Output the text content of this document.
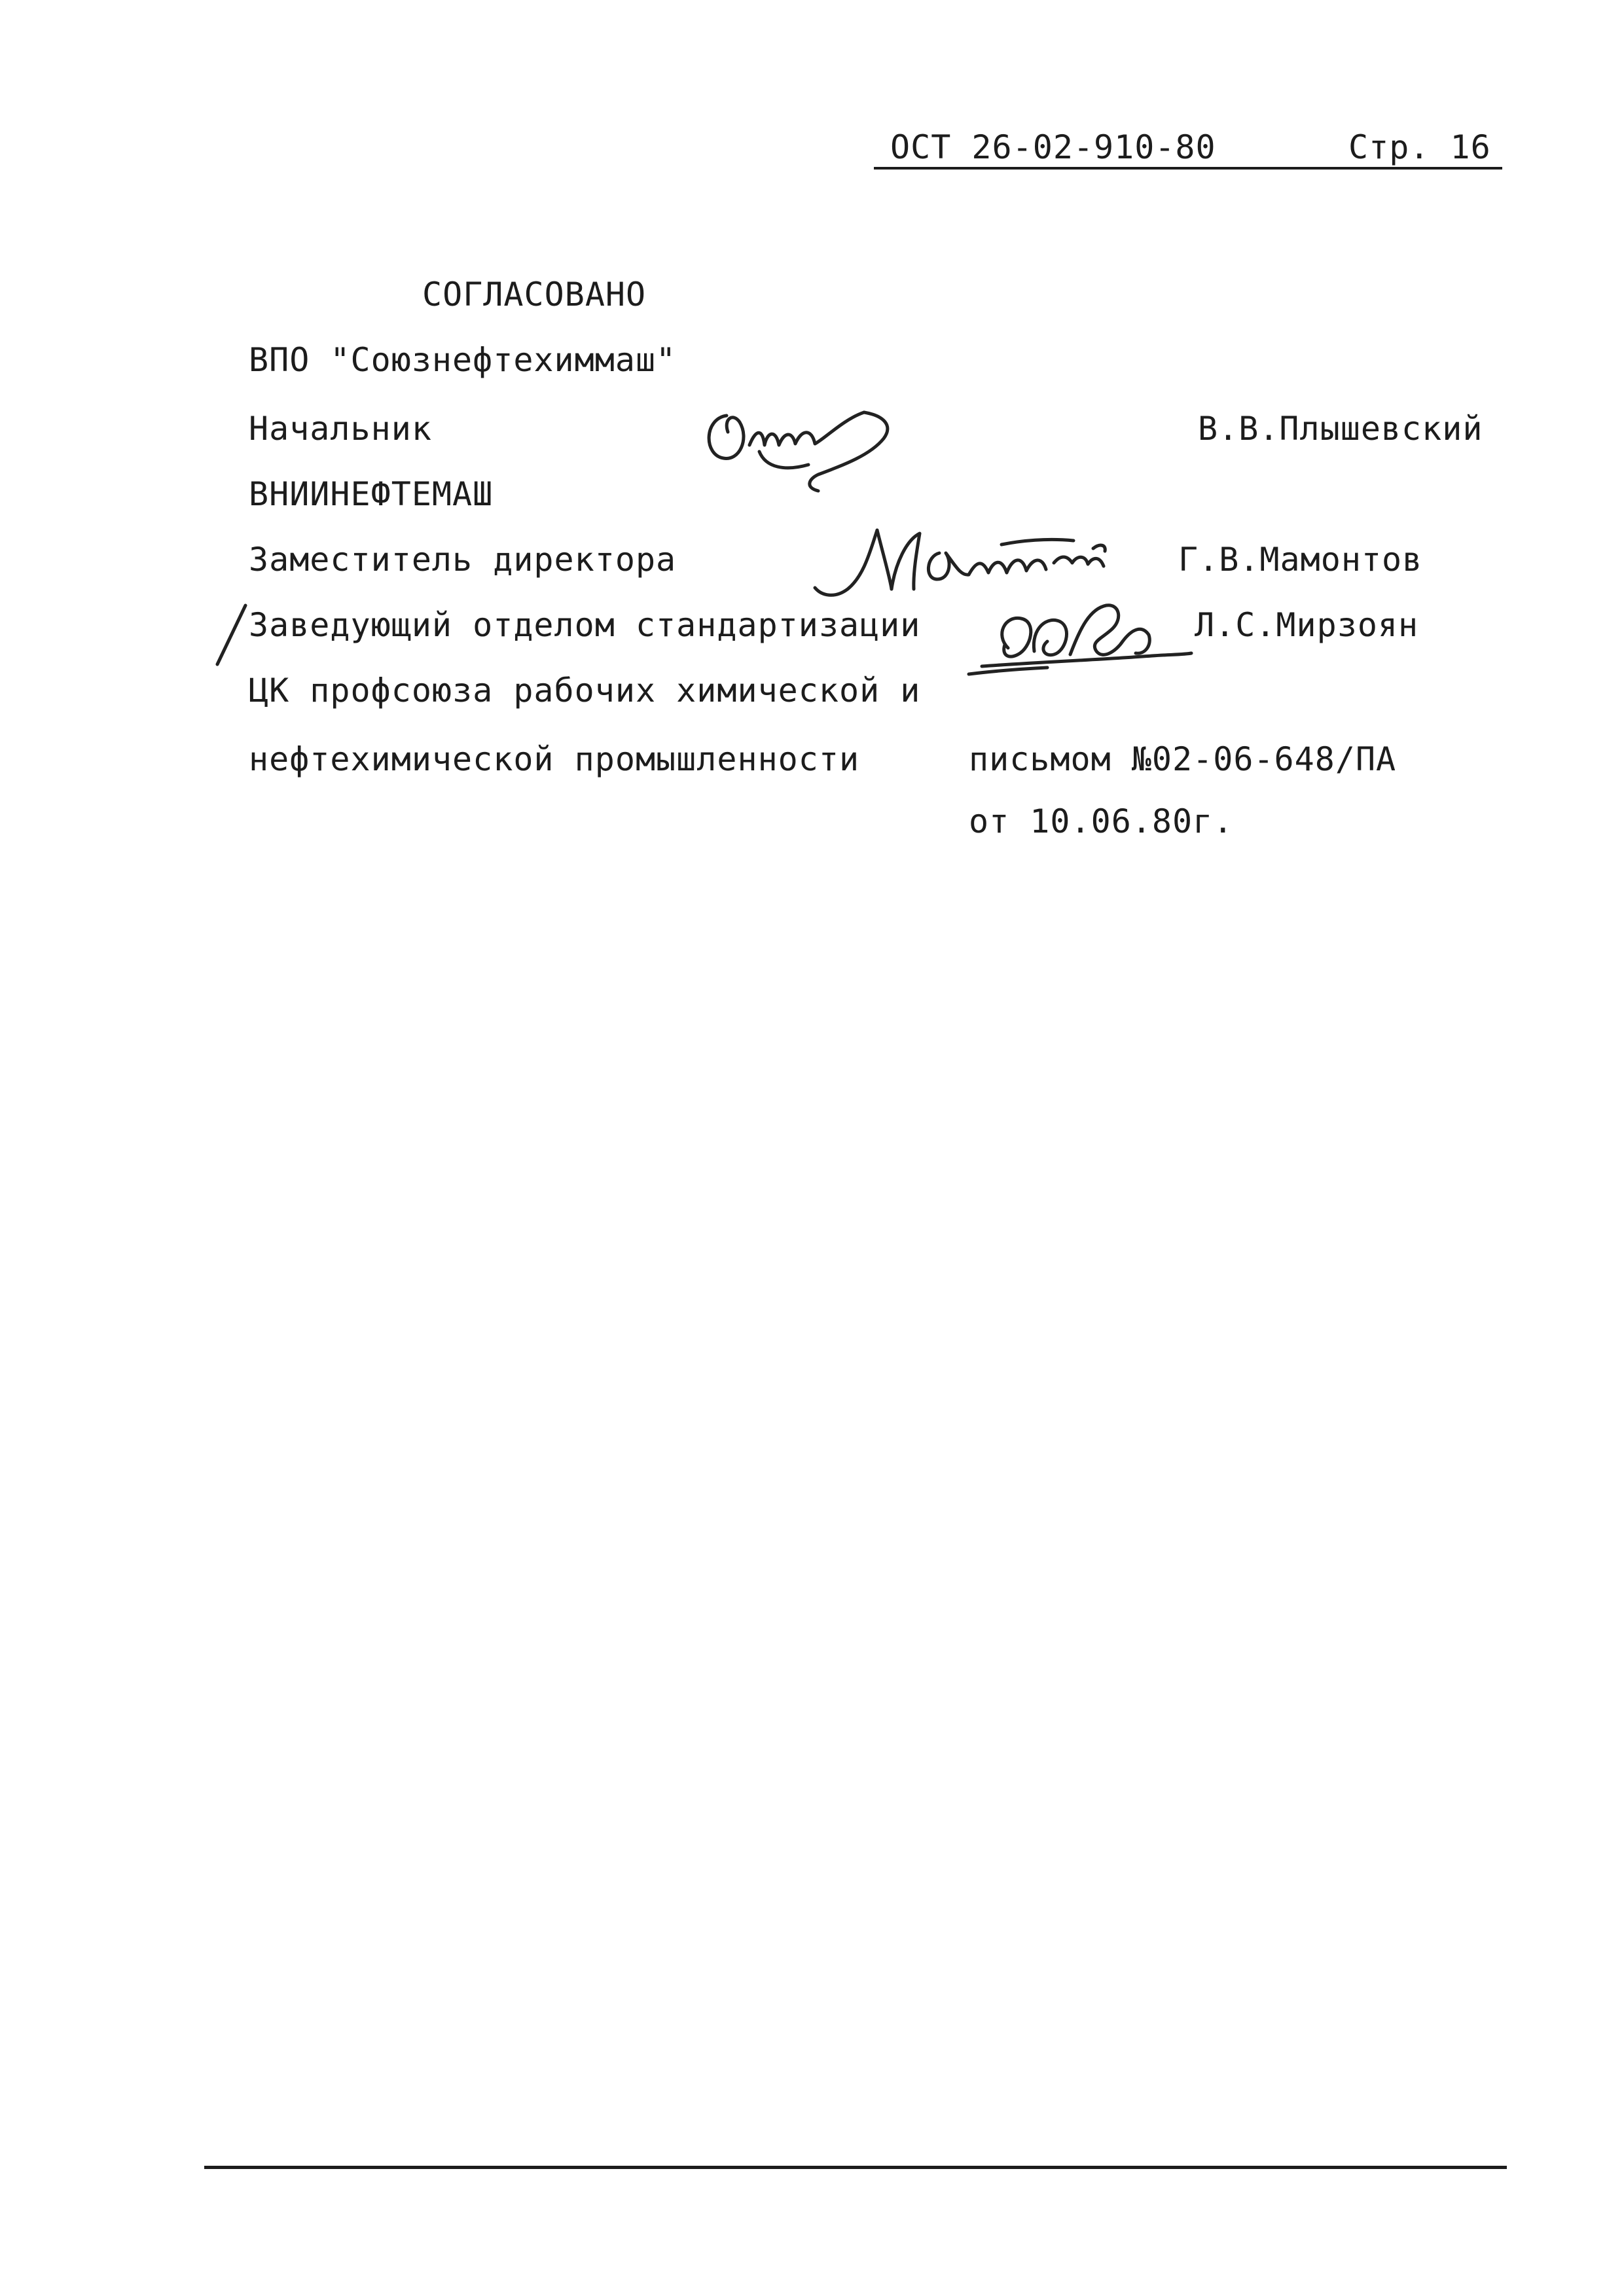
ОСТ 26-02-910-80	Стр. 16
СОГЛАСОВАНО
ВПО "Союзнефтехиммаш"
Начальник	В.В.Плышевский
ВНИИНЕФТЕМАШ
Заместитель директора	Г.В.Мамонтов
Заведующий отделом стандартизации	Л.С.Мирзоян
ЦК профсоюза рабочих химической и
нефтехимической промышленности	письмом №02-06-648/ПА
от 10.06.80г.
